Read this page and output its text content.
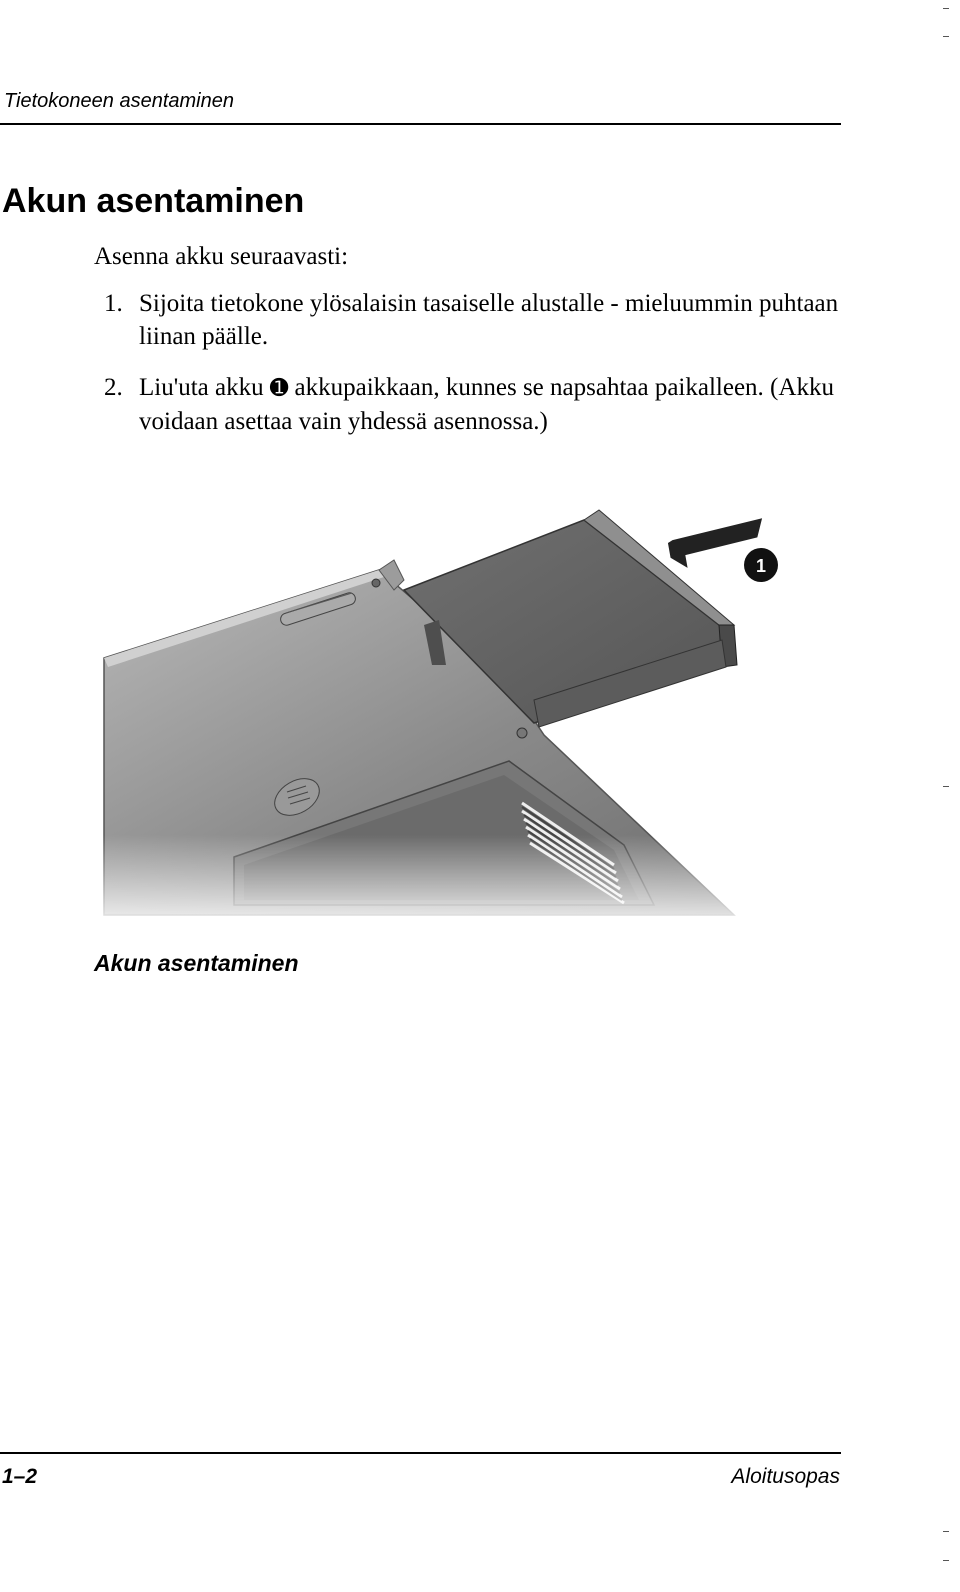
Tietokoneen asentaminen
Akun asentaminen

Asenna akku seuraavasti:

1. Sijoita tietokone ylösalaisin tasaiselle alustalle - mieluummin puhtaan liinan päälle.
2. Liu'uta akku ➊ akkupaikkaan, kunnes se napsahtaa paikalleen. (Akku voidaan asettaa vain yhdessä asennossa.)
1

Akun asentaminen

1–2	Aloitusopas
